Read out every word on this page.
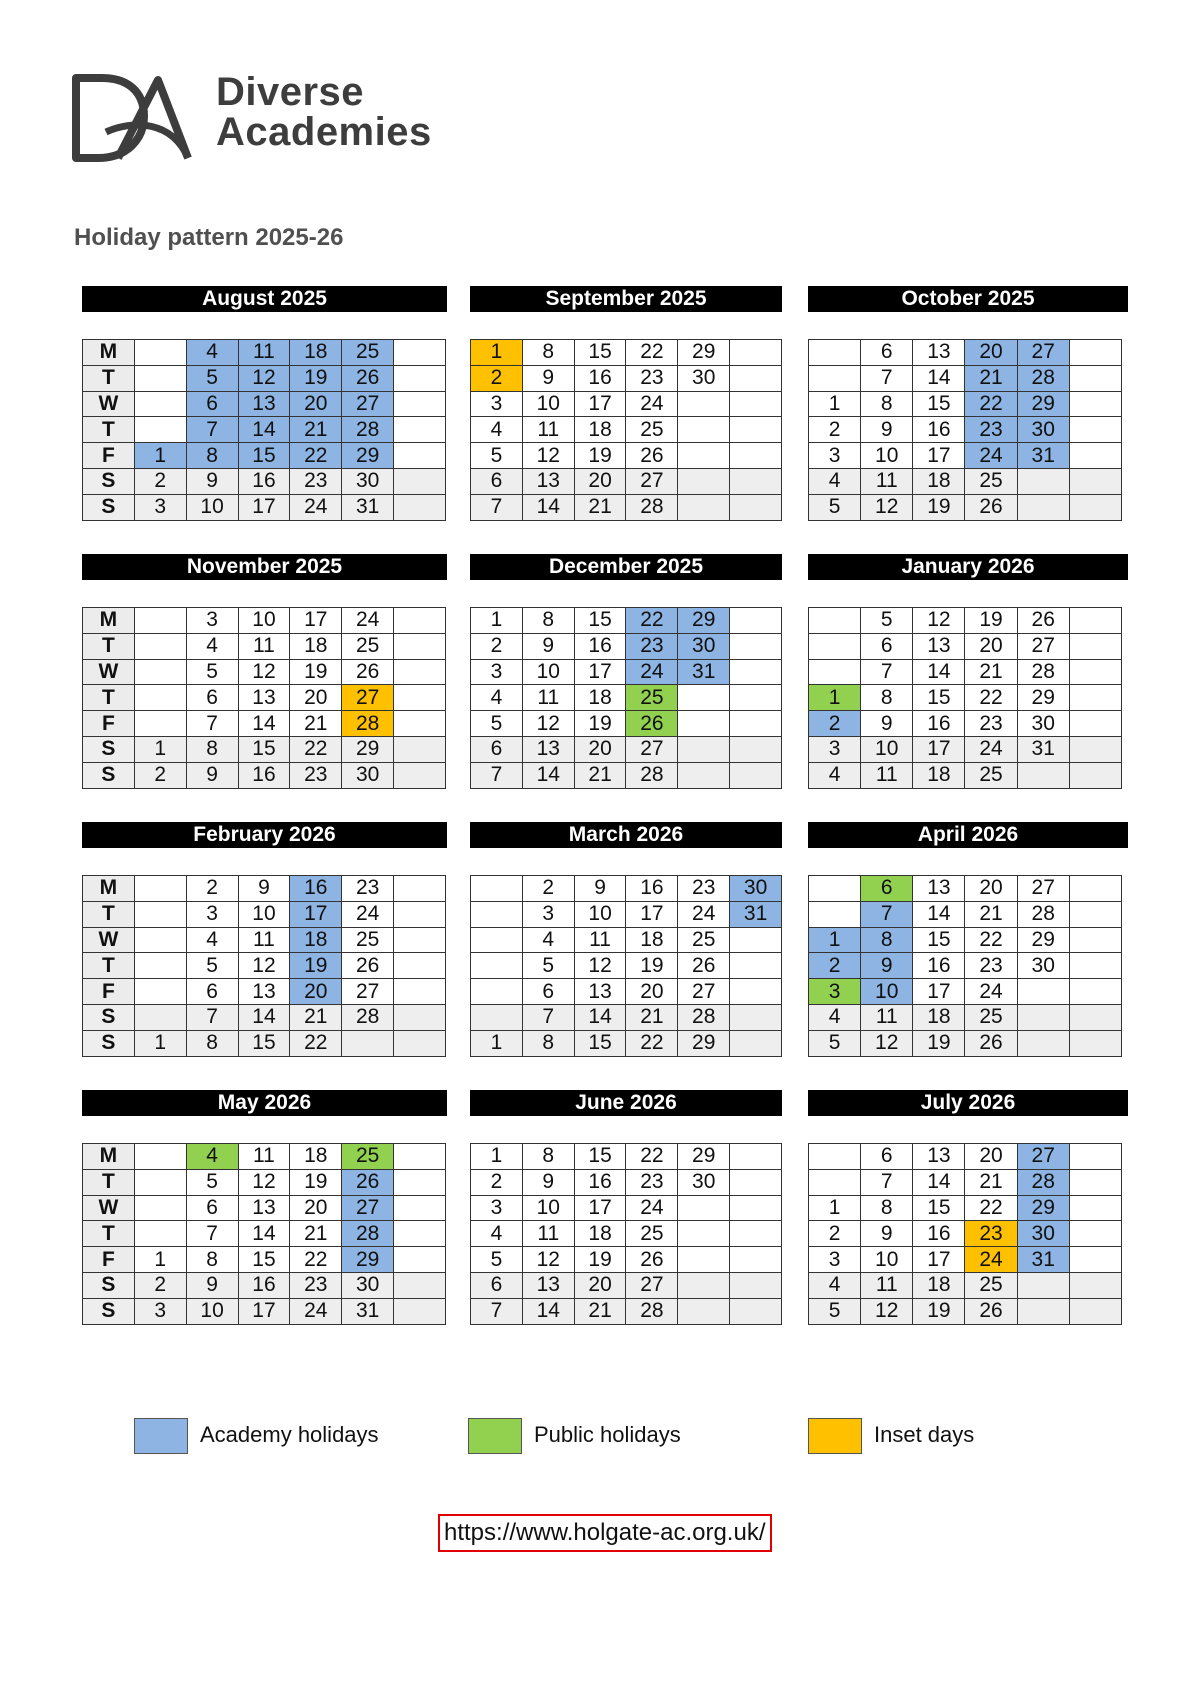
Diverse
Academies
Holiday pattern 2025-26
August 2025
M		4	11	18	25	
T		5	12	19	26	
W		6	13	20	27	
T		7	14	21	28	
F	1	8	15	22	29	
S	2	9	16	23	30	
S	3	10	17	24	31	
September 2025
1	8	15	22	29	
2	9	16	23	30	
3	10	17	24		
4	11	18	25		
5	12	19	26		
6	13	20	27		
7	14	21	28		
October 2025
	6	13	20	27	
	7	14	21	28	
1	8	15	22	29	
2	9	16	23	30	
3	10	17	24	31	
4	11	18	25		
5	12	19	26		
November 2025
M		3	10	17	24	
T		4	11	18	25	
W		5	12	19	26	
T		6	13	20	27	
F		7	14	21	28	
S	1	8	15	22	29	
S	2	9	16	23	30	
December 2025
1	8	15	22	29	
2	9	16	23	30	
3	10	17	24	31	
4	11	18	25		
5	12	19	26		
6	13	20	27		
7	14	21	28		
January 2026
	5	12	19	26	
	6	13	20	27	
	7	14	21	28	
1	8	15	22	29	
2	9	16	23	30	
3	10	17	24	31	
4	11	18	25		
February 2026
M		2	9	16	23	
T		3	10	17	24	
W		4	11	18	25	
T		5	12	19	26	
F		6	13	20	27	
S		7	14	21	28	
S	1	8	15	22		
March 2026
	2	9	16	23	30
	3	10	17	24	31
	4	11	18	25	
	5	12	19	26	
	6	13	20	27	
	7	14	21	28	
1	8	15	22	29	
April 2026
	6	13	20	27	
	7	14	21	28	
1	8	15	22	29	
2	9	16	23	30	
3	10	17	24		
4	11	18	25		
5	12	19	26		
May 2026
M		4	11	18	25	
T		5	12	19	26	
W		6	13	20	27	
T		7	14	21	28	
F	1	8	15	22	29	
S	2	9	16	23	30	
S	3	10	17	24	31	
June 2026
1	8	15	22	29	
2	9	16	23	30	
3	10	17	24		
4	11	18	25		
5	12	19	26		
6	13	20	27		
7	14	21	28		
July 2026
	6	13	20	27	
	7	14	21	28	
1	8	15	22	29	
2	9	16	23	30	
3	10	17	24	31	
4	11	18	25		
5	12	19	26		
Academy holidays	Public holidays	Inset days
https://www.holgate-ac.org.uk/
